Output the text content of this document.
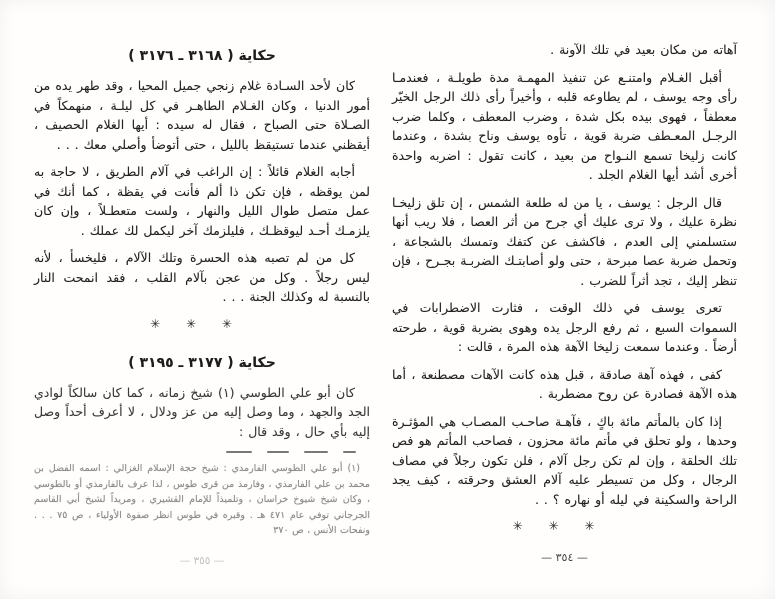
آهاته من مكان بعيد في تلك الآونة .

أقبل الغـلام وامتنـع عن تنفيذ المهمـة مدة طويلـة ، فعندمـا رأى وجه يوسف ، لم يطاوعه قلبه ، وأخيراً رأى ذلك الرجل الخيّر معطفاً ، فهوى بيده بكل شدة ، وضرب المعطف ، وكلما ضرب الرجـل المعـطف ضربة قوية ، تأوه يوسف وناح بشدة ، وعندما كانت زليخا تسمع النـواح من بعيد ، كانت تقول : اضربه واحدة أخرى أشد أيها الغلام الجلد .

قال الرجل : يوسف ، يا من له طلعة الشمس ، إن تلق زليخـا نظرة عليك ، ولا ترى عليك أي جرح من أثر العصا ، فلا ريب أنها ستسلمني إلى العدم ، فاكشف عن كتفك وتمسك بالشجاعة ، وتحمل ضربة عصا مبرحة ، حتى ولو أصابتـك الضربـة بجـرح ، فإن تنظر إليك ، تجد أثراً للضرب .

تعرى يوسف في ذلك الوقت ، فثارت الاضطرابات في السموات السبع ، ثم رفع الرجل يده وهوى بضربة قوية ، طرحته أرضاً . وعندما سمعت زليخا الآهة هذه المرة ، قالت :

كفى ، فهذه آهة صادقة ، قبل هذه كانت الآهات مصطنعة ، أما هذه الآهة فصادرة عن روح مضطربة .

إذا كان بالمأتم مائة باكٍ ، فآهـة صاحـب المصـاب هي المؤثـرة وحدها ، ولو تحلق في مأتم مائة محزون ، فصاحب المأتم هو فص تلك الحلقة ، وإن لم تكن رجل آلام ، فلن تكون رجلاً في مصاف الرجال ، وكل من تسيطر عليه آلام العشق وحرقته ، كيف يجد الراحة والسكينة في ليله أو نهاره ؟ . .

✳ ✳ ✳
— ٣٥٤ —
حكاية ( ٣١٦٨ ـ ٣١٧٦ )

كان لأحد السـادة غلام زنجي جميل المحيا ، وقد طهر يده من أمور الدنيا ، وكان الغـلام الطاهـر في كل ليلـة ، منهمكاً في الصـلاة حتى الصباح ، فقال له سيده : أيها الغلام الحصيف ، أيقظني عندما تستيقظ بالليل ، حتى أتوضأ وأصلي معك . . .

أجابه الغلام قائلاً : إن الراغب في آلام الطريق ، لا حاجة به لمن يوقظه ، فإن تكن ذا ألم فأنت في يقظة ، كما أنك في عمل متصل طوال الليل والنهار ، ولست متعطـلاً ، وإن كان يلزمـك أحـد ليوقظـك ، فليلزمك آخر ليكمل لك عملك .

كل من لم تصبه هذه الحسرة وتلك الآلام ، فليخسأ ، لأنه ليس رجلاً . وكل من عجن بآلام القلب ، فقد انمحت النار بالنسبة له وكذلك الجنة . . .

✳ ✳ ✳
حكاية ( ٣١٧٧ ـ ٣١٩٥ )

كان أبو علي الطوسي (١) شيخ زمانه ، كما كان سالكاً لوادي الجد والجهد ، وما وصل إليه من عز ودلال ، لا أعرف أحداً وصل إليه بأي حال ، وقد قال :

(١) أبو علي الطوسي الفارمدي : شيخ حجة الإسلام الغزالي : اسمه الفضل بن محمد بن علي الفارمذي ، وفارمذ من قرى طوس ، لذا عرف بالفارمذي أو بالطوسي ، وكان شيخ شيوخ خراسان ، وتلميذاً للإمام القشيري ، ومريداً لشيخ أبي القاسم الجرجاني توفي عام ٤٧١ هـ . وقبره في طوس انظر صفوة الأولياء ، ص ٧٥ . . . ونفحات الأنس ، ص ٣٧٠

— ٣٥٥ —
